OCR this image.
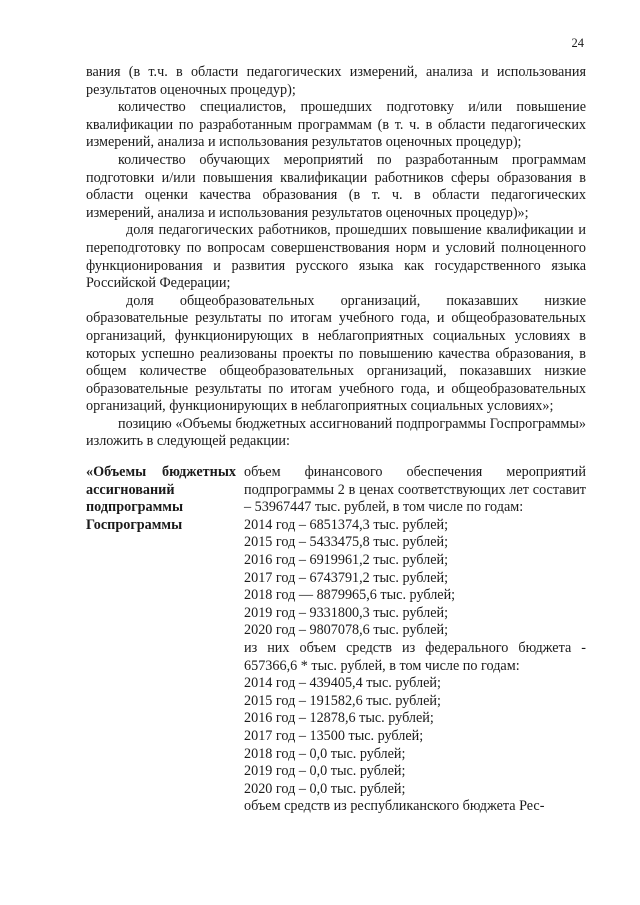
24

вания (в т.ч. в области педагогических измерений, анализа и использования результатов оценочных процедур);

количество специалистов, прошедших подготовку и/или повышение квалификации по разработанным программам (в т. ч. в области педагогических измерений, анализа и использования результатов оценочных процедур);

количество обучающих мероприятий по разработанным программам подготовки и/или повышения квалификации работников сферы образования в области оценки качества образования (в т. ч. в области педагогических измерений, анализа и использования результатов оценочных процедур)»;

доля педагогических работников, прошедших повышение квалификации и переподготовку по вопросам совершенствования норм и условий полноценного функционирования и развития русского языка как государственного языка Российской Федерации;

доля общеобразовательных организаций, показавших низкие образовательные результаты по итогам учебного года, и общеобразовательных организаций, функционирующих в неблагоприятных социальных условиях в которых успешно реализованы проекты по повышению качества образования, в общем количестве общеобразовательных организаций, показавших низкие образовательные результаты по итогам учебного года, и общеобразовательных организаций, функционирующих в неблагоприятных социальных условиях»;

позицию «Объемы бюджетных ассигнований подпрограммы Госпрограммы» изложить в следующей редакции:

«Объемы бюджетных ассигнований подпрограммы Госпрограммы

объем финансового обеспечения мероприятий подпрограммы 2 в ценах соответствующих лет составит – 53967447 тыс. рублей, в том числе по годам:

2014 год – 6851374,3 тыс. рублей;

2015 год – 5433475,8 тыс. рублей;

2016 год – 6919961,2 тыс. рублей;

2017 год – 6743791,2 тыс. рублей;

2018 год — 8879965,6 тыс. рублей;

2019 год – 9331800,3 тыс. рублей;

2020 год – 9807078,6 тыс. рублей;

из них объем средств из федерального бюджета - 657366,6 * тыс. рублей, в том числе по годам:

2014 год – 439405,4 тыс. рублей;

2015 год – 191582,6 тыс. рублей;

2016 год – 12878,6 тыс. рублей;

2017 год – 13500 тыс. рублей;

2018 год – 0,0 тыс. рублей;

2019 год – 0,0 тыс. рублей;

2020 год – 0,0 тыс. рублей;

объем средств из республиканского бюджета Рес-
